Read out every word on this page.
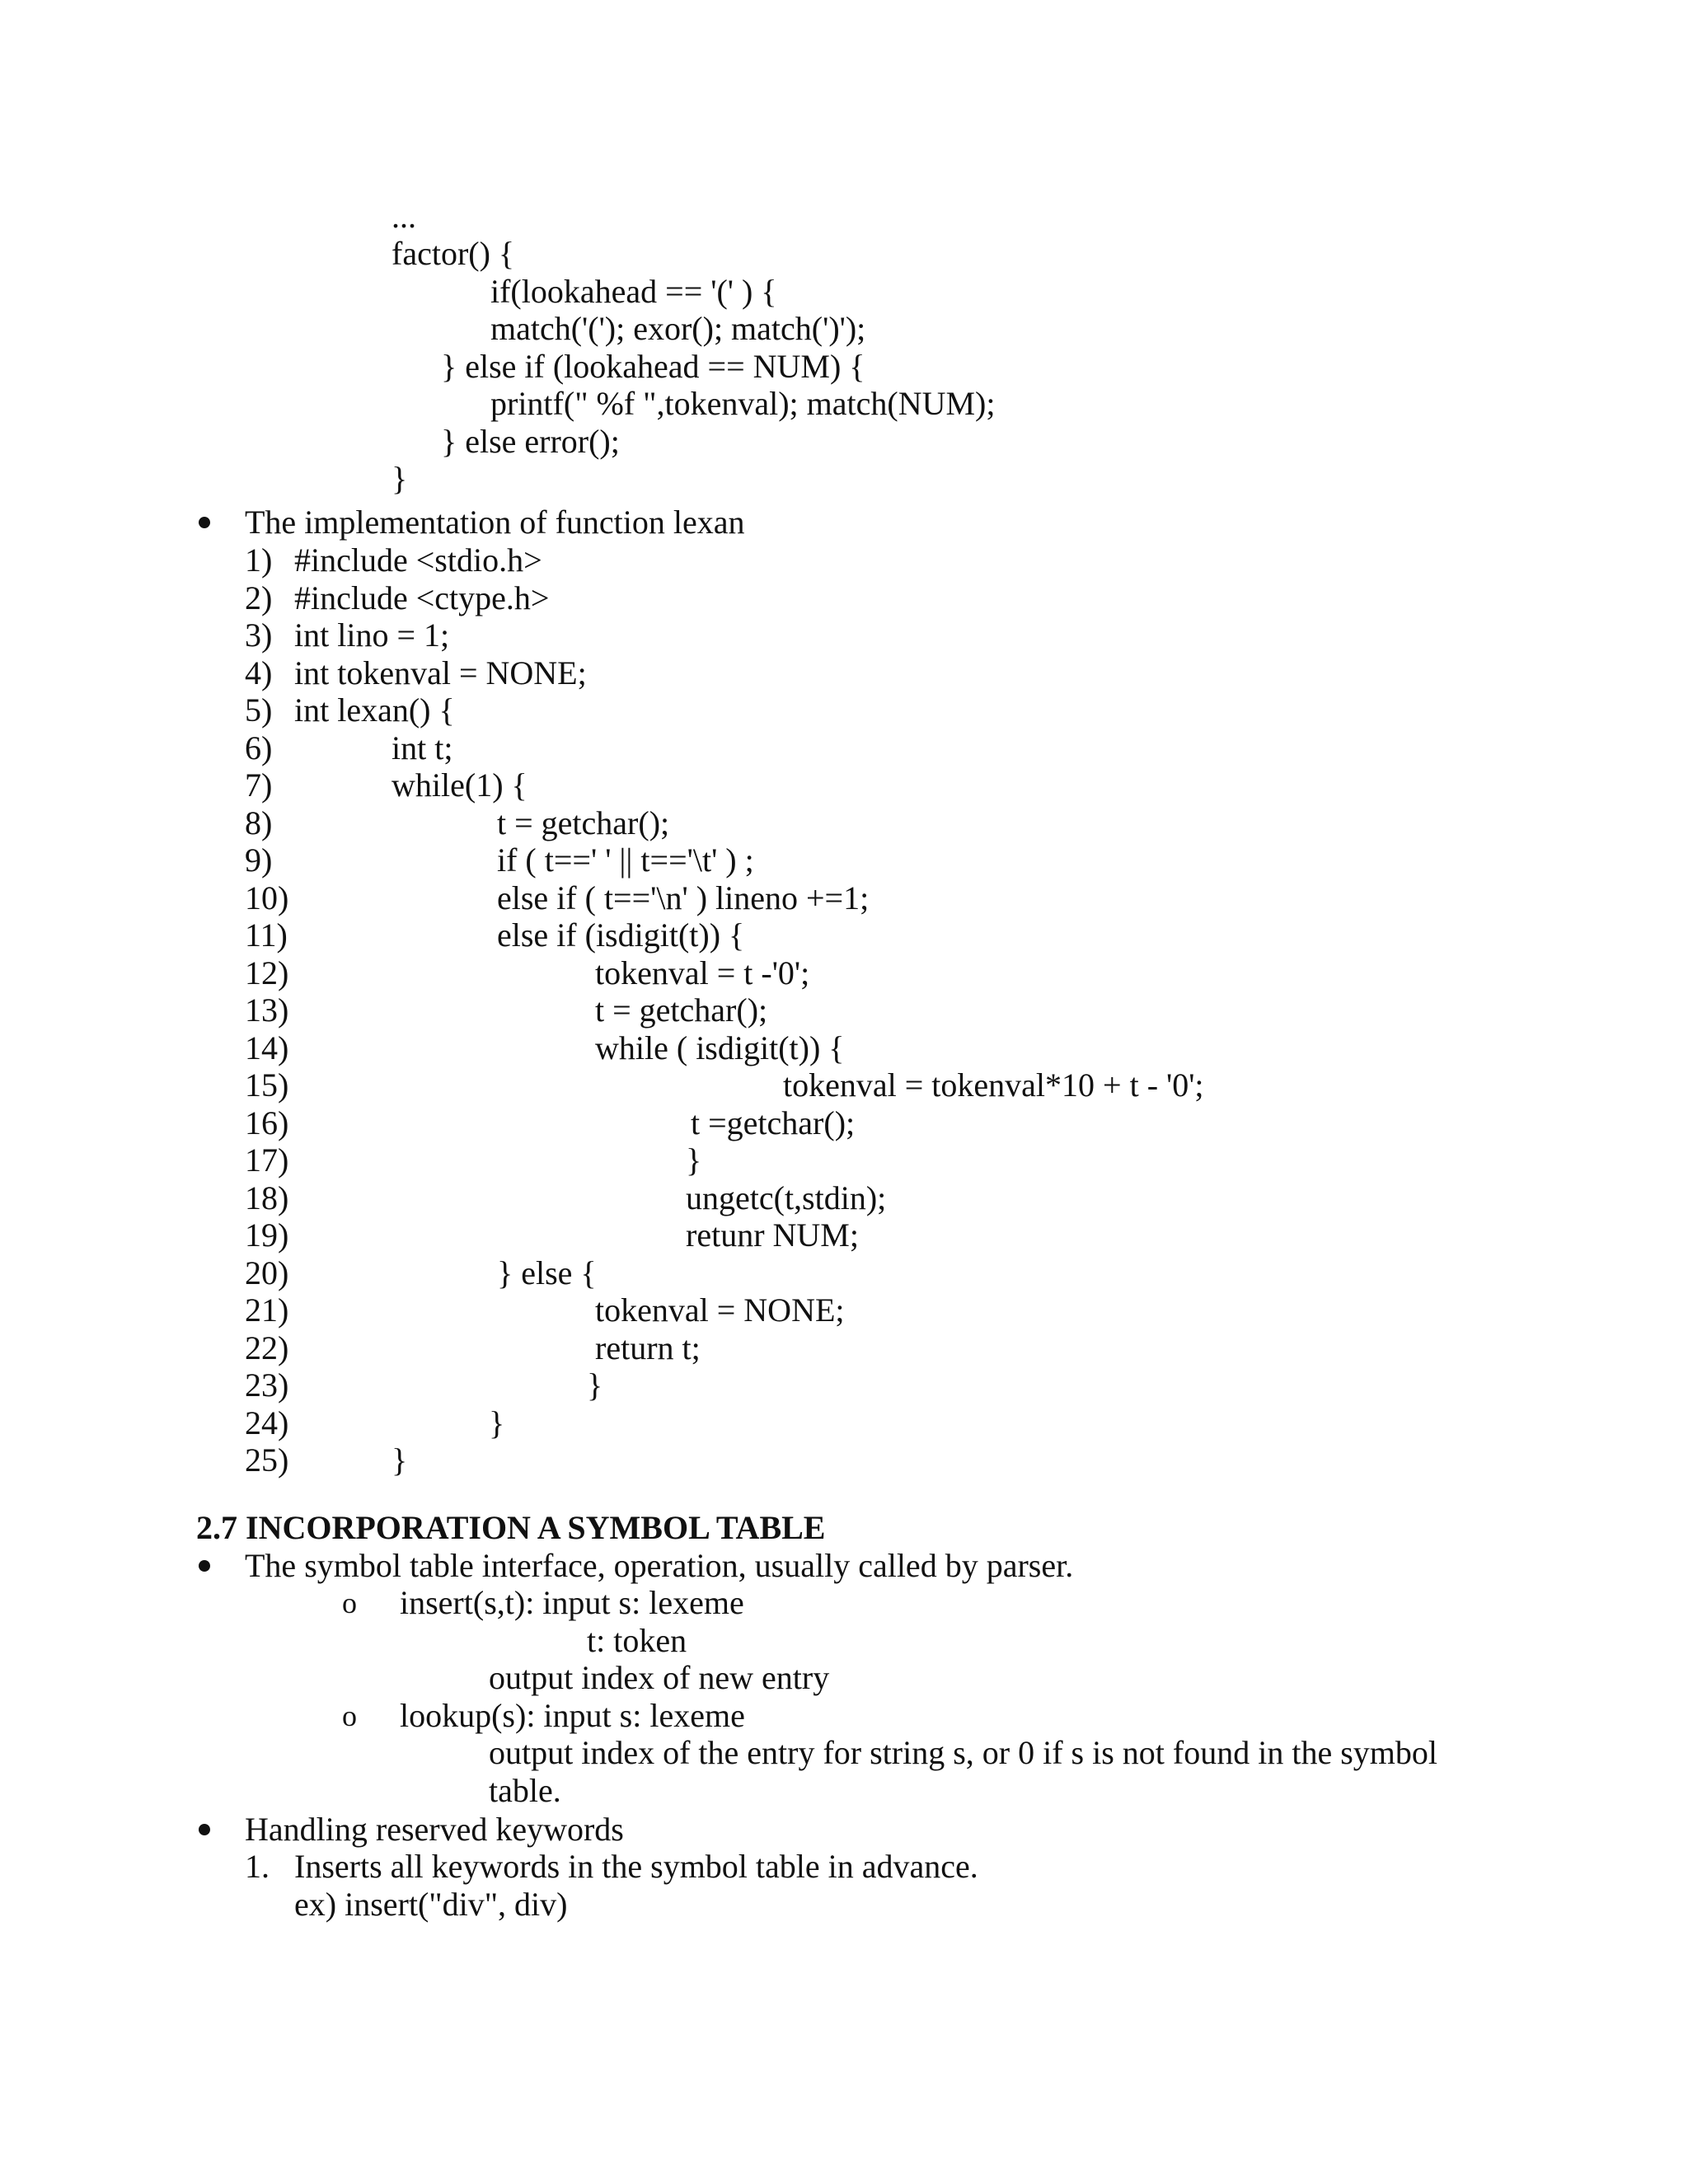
...
factor() {
if(lookahead == '(' ) {
match('('); exor(); match(')');
} else if (lookahead == NUM) {
printf(" %f ",tokenval); match(NUM);
} else error();
}
The implementation of function lexan
1)
2)
3)
4)
5)
6)
7)
8)
9)
10)
11)
12)
13)
14)
15)
16)
17)
18)
19)
20)
21)
22)
23)
24)
25)
#include <stdio.h>
#include <ctype.h>
int lino = 1;
int tokenval = NONE;
int lexan() {
int t;
while(1) {
t = getchar();
if ( t==' ' || t=='\t' ) ;
else if ( t=='\n' ) lineno +=1;
else if (isdigit(t)) {
tokenval = t -'0';
t = getchar();
while ( isdigit(t)) {
tokenval = tokenval*10 + t - '0';
t =getchar();
}
ungetc(t,stdin);
retunr NUM;
} else {
tokenval = NONE;
return t;
}
}
}
2.7 INCORPORATION A SYMBOL TABLE
The symbol table interface, operation, usually called by parser.
o insert(s,t): input s: lexeme
t: token
output index of new entry
o lookup(s): input s: lexeme
output index of the entry for string s, or 0 if s is not found in the symbol
table.
Handling reserved keywords
1. Inserts all keywords in the symbol table in advance.
ex) insert("div", div)
